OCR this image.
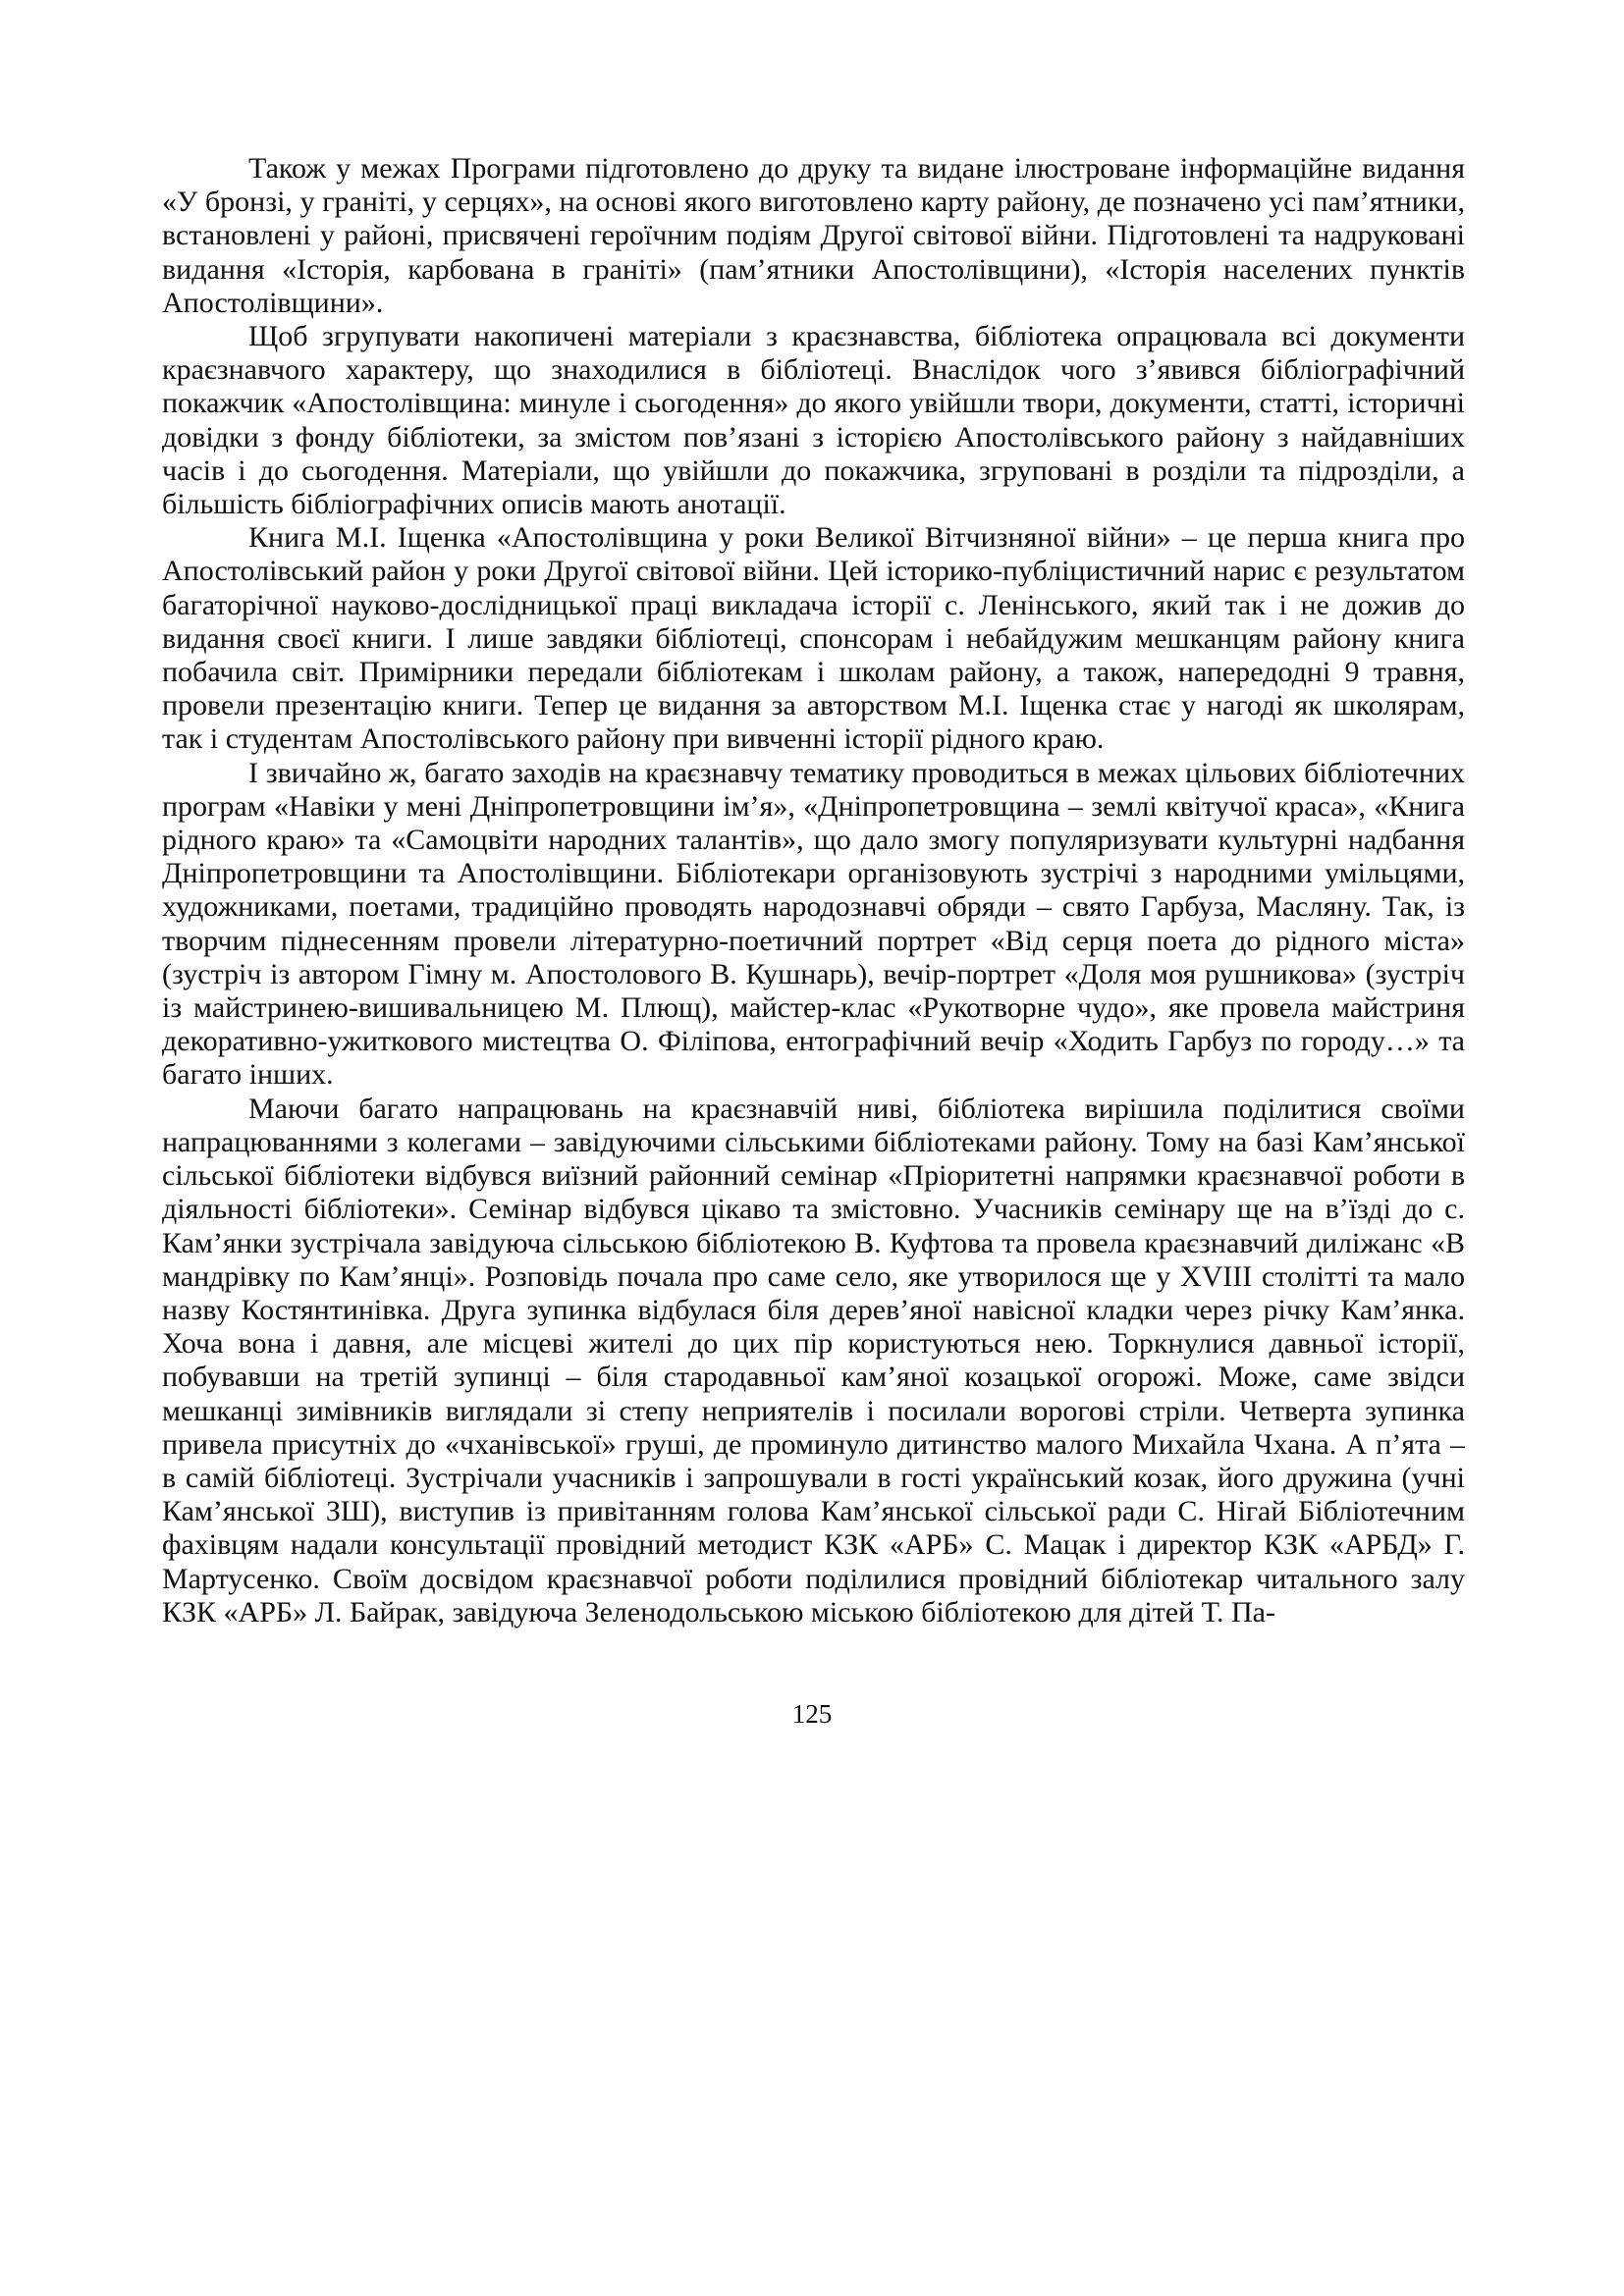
Також у межах Програми підготовлено до друку та видане ілюстроване інформаційне видання «У бронзі, у граніті, у серцях», на основі якого виготовлено карту району, де позначено усі пам’ятники, встановлені у районі, присвячені героїчним подіям Другої світової війни. Підготовлені та надруковані видання «Історія, карбована в граніті» (пам’ятники Апостолівщини), «Історія населених пунктів Апостолівщини».

Щоб згрупувати накопичені матеріали з краєзнавства, бібліотека опрацювала всі документи краєзнавчого характеру, що знаходилися в бібліотеці. Внаслідок чого з’явився бібліографічний покажчик «Апостолівщина: минуле і сьогодення» до якого увійшли твори, документи, статті, історичні довідки з фонду бібліотеки, за змістом пов’язані з історією Апостолівського району з найдавніших часів і до сьогодення. Матеріали, що увійшли до покажчика, згруповані в розділи та підрозділи, а більшість бібліографічних описів мають анотації.

Книга М.І. Іщенка «Апостолівщина у роки Великої Вітчизняної війни» – це перша книга про Апостолівський район у роки Другої світової війни. Цей історико-публіцистичний нарис є результатом багаторічної науково-дослідницької праці викладача історії с. Ленінського, який так і не дожив до видання своєї книги. І лише завдяки бібліотеці, спонсорам і небайдужим мешканцям району книга побачила світ. Примірники передали бібліотекам і школам району, а також, напередодні 9 травня, провели презентацію книги. Тепер це видання за авторством М.І. Іщенка стає у нагоді як школярам, так і студентам Апостолівського району при вивченні історії рідного краю.

І звичайно ж, багато заходів на краєзнавчу тематику проводиться в межах цільових бібліотечних програм «Навіки у мені Дніпропетровщини ім’я», «Дніпропетровщина – землі квітучої краса», «Книга рідного краю» та «Самоцвіти народних талантів», що дало змогу популяризувати культурні надбання Дніпропетровщини та Апостолівщини. Бібліотекари організовують зустрічі з народними умільцями, художниками, поетами, традиційно проводять народознавчі обряди – свято Гарбуза, Масляну. Так, із творчим піднесенням провели літературно-поетичний портрет «Від серця поета до рідного міста» (зустріч із автором Гімну м. Апостолового В. Кушнарь), вечір-портрет «Доля моя рушникова» (зустріч із майстринею-вишивальницею М. Плющ), майстер-клас «Рукотворне чудо», яке провела майстриня декоративно-ужиткового мистецтва О. Філіпова, ентографічний вечір «Ходить Гарбуз по городу…» та багато інших.

Маючи багато напрацювань на краєзнавчій ниві, бібліотека вирішила поділитися своїми напрацюваннями з колегами – завідуючими сільськими бібліотеками району. Тому на базі Кам’янської сільської бібліотеки відбувся виїзний районний семінар «Пріоритетні напрямки краєзнавчої роботи в діяльності бібліотеки». Семінар відбувся цікаво та змістовно. Учасників семінару ще на в’їзді до с. Кам’янки зустрічала завідуюча сільською бібліотекою В. Куфтова та провела краєзнавчий диліжанс «В мандрівку по Кам’янці». Розповідь почала про саме село, яке утворилося ще у XVIII столітті та мало назву Костянтинівка. Друга зупинка відбулася біля дерев’яної навісної кладки через річку Кам’янка. Хоча вона і давня, але місцеві жителі до цих пір користуються нею. Торкнулися давньої історії, побувавши на третій зупинці – біля стародавньої кам’яної козацької огорожі. Може, саме звідси мешканці зимівників виглядали зі степу неприятелів і посилали ворогові стріли. Четверта зупинка привела присутніх до «чханівської» груші, де проминуло дитинство малого Михайла Чхана. А п’ята – в самій бібліотеці. Зустрічали учасників і запрошували в гості український козак, його дружина (учні Кам’янської ЗШ), виступив із привітанням голова Кам’янської сільської ради С. Нігай Бібліотечним фахівцям надали консультації провідний методист КЗК «АРБ» С. Мацак і директор КЗК «АРБД» Г. Мартусенко. Своїм досвідом краєзнавчої роботи поділилися провідний бібліотекар читального залу КЗК «АРБ» Л. Байрак, завідуюча Зеленодольською міською бібліотекою для дітей Т. Па-

125
